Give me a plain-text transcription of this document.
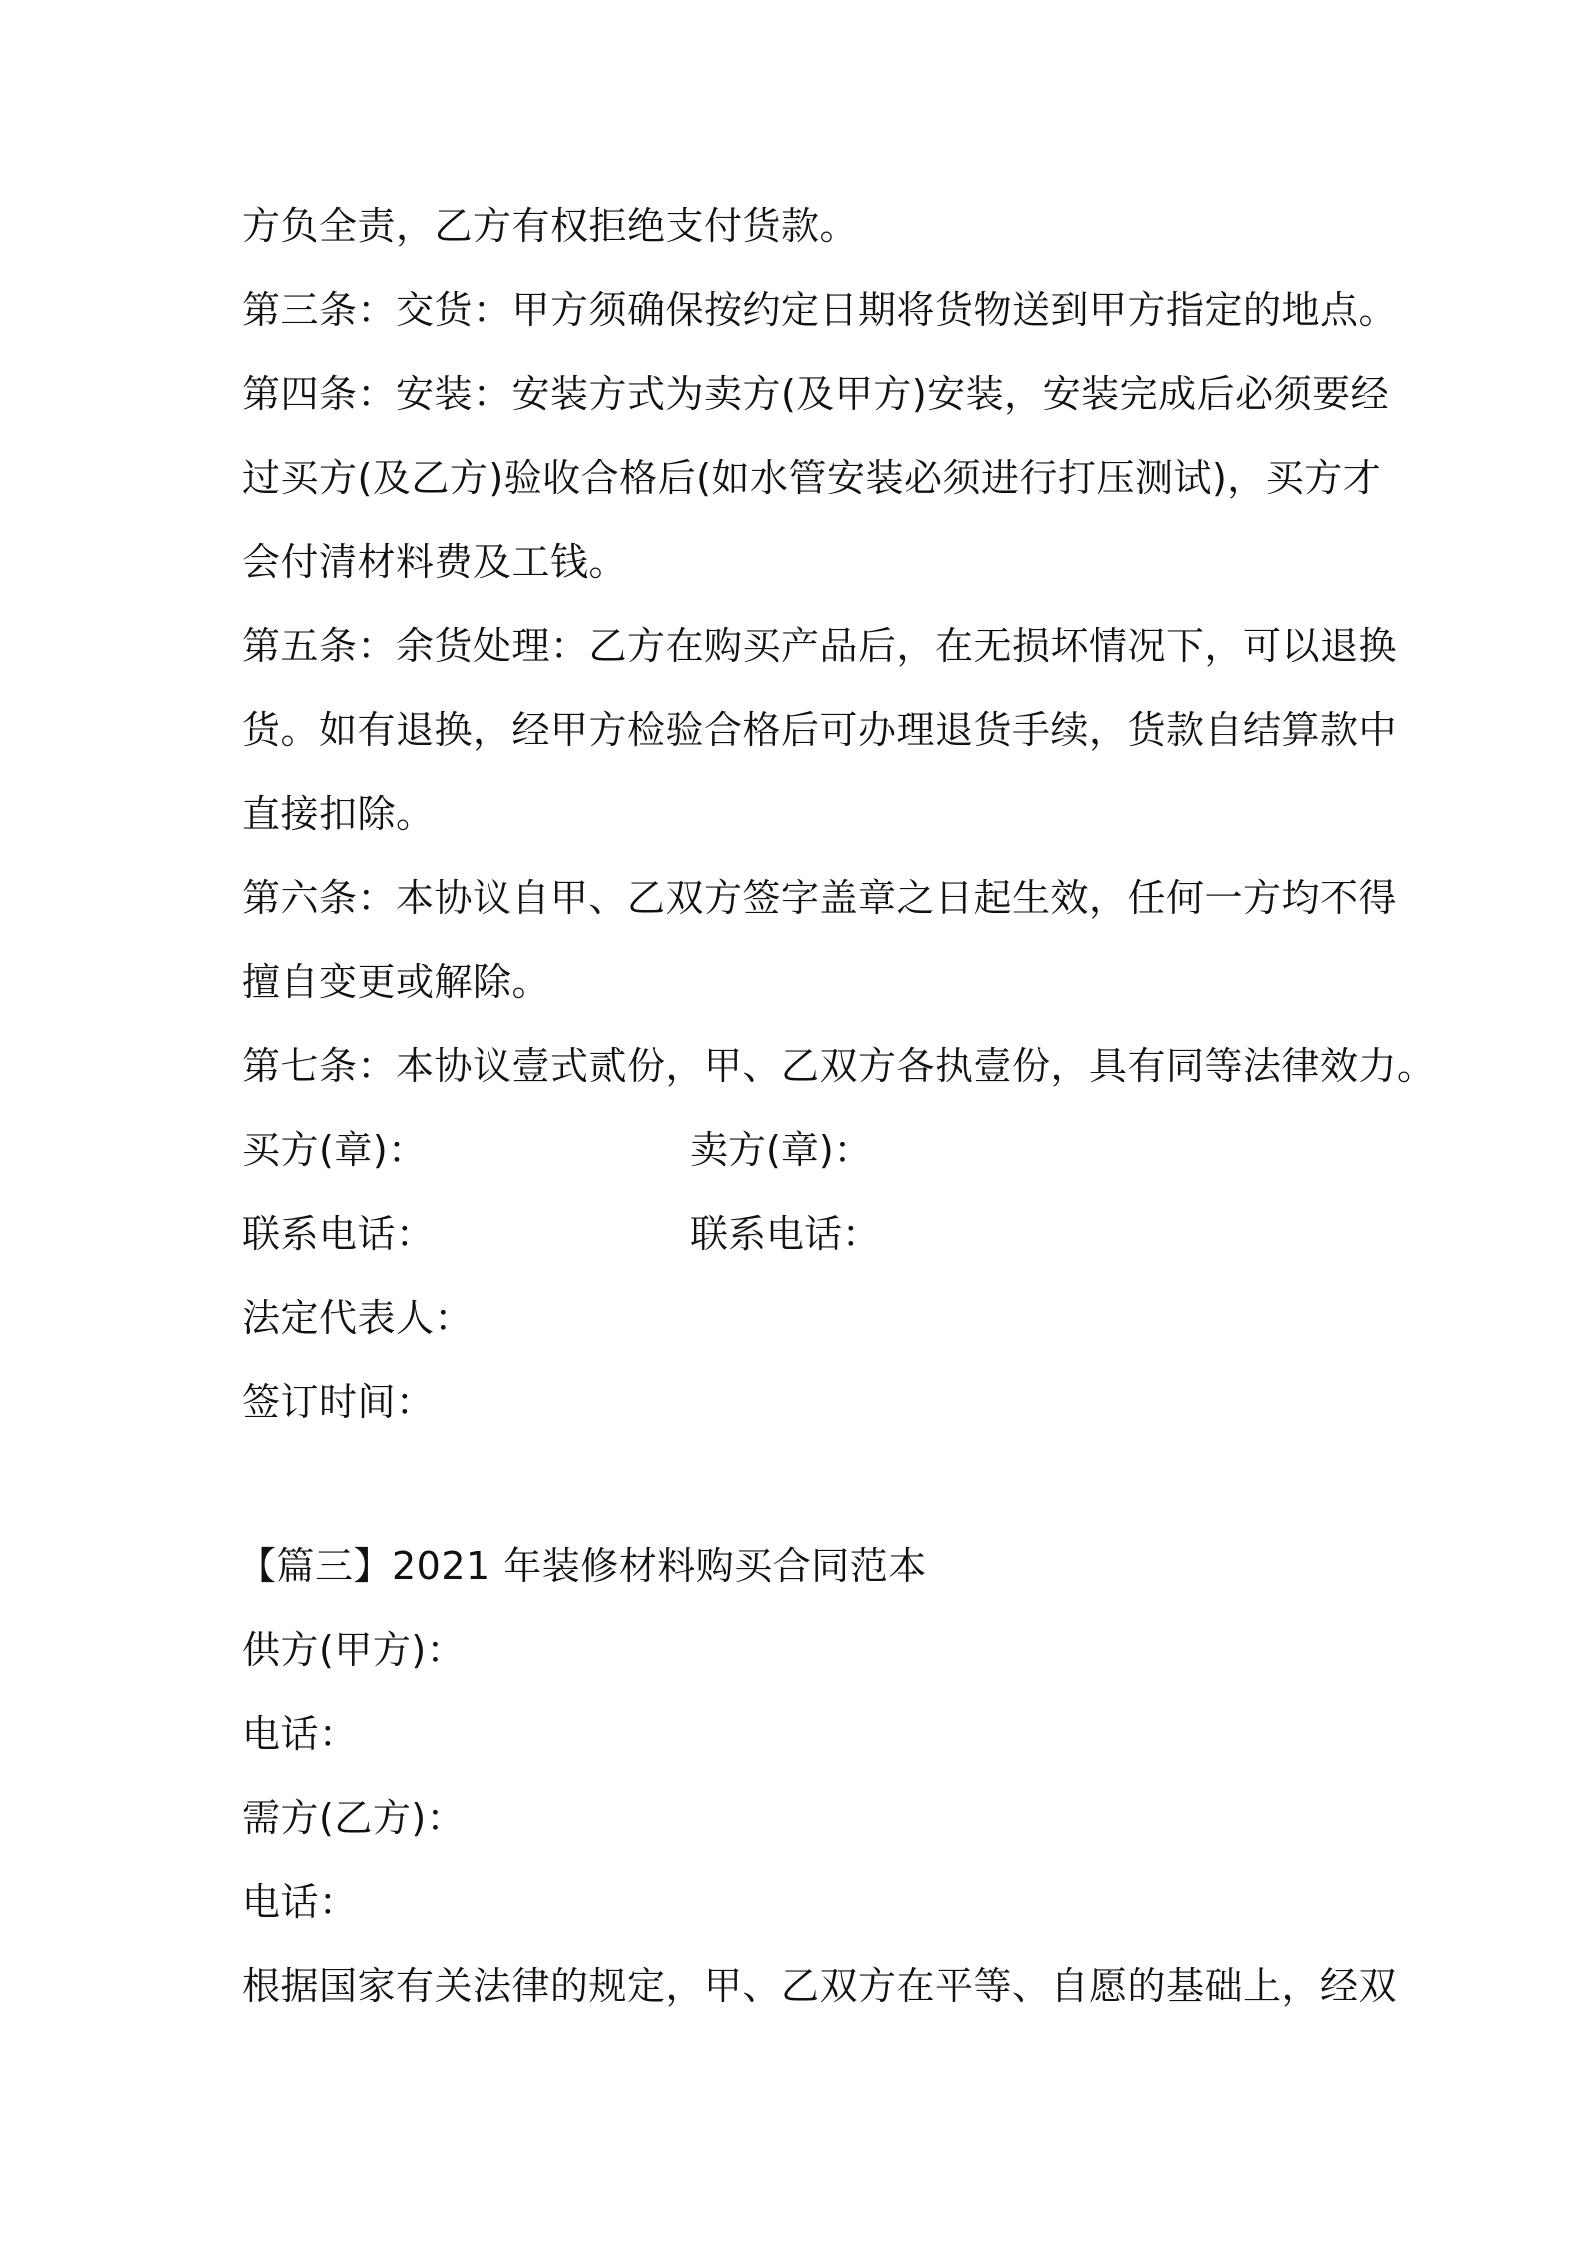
方负全责，乙方有权拒绝支付货款。
第三条：交货：甲方须确保按约定日期将货物送到甲方指定的地点。
第四条：安装：安装方式为卖方(及甲方)安装，安装完成后必须要经
过买方(及乙方)验收合格后(如水管安装必须进行打压测试)，买方才
会付清材料费及工钱。
第五条：余货处理：乙方在购买产品后，在无损坏情况下，可以退换
货。如有退换，经甲方检验合格后可办理退货手续，货款自结算款中
直接扣除。
第六条：本协议自甲、乙双方签字盖章之日起生效，任何一方均不得
擅自变更或解除。
第七条：本协议壹式贰份，甲、乙双方各执壹份，具有同等法律效力。
买方(章)：	卖方(章)：
联系电话：	联系电话：
法定代表人：
签订时间：
【篇三】2021 年装修材料购买合同范本
供方(甲方)：
电话：
需方(乙方)：
电话：
根据国家有关法律的规定，甲、乙双方在平等、自愿的基础上，经双
